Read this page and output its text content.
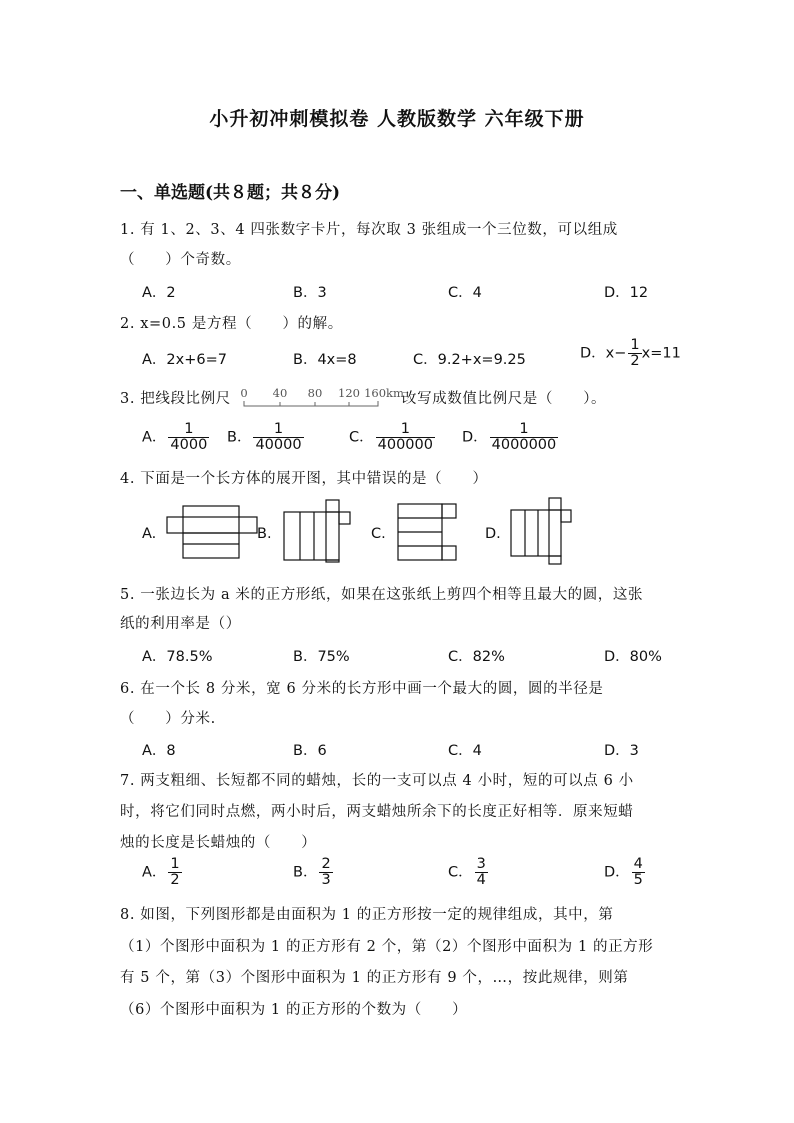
小升初冲刺模拟卷 人教版数学 六年级下册
一、单选题(共８题；共８分)
1. 有 1、2、3、4 四张数字卡片，每次取 3 张组成一个三位数，可以组成
（　　）个奇数。
A．2	B．3	C．4	D．12
2. x=0.5 是方程（　　）的解。
A．2x+6=7	B．4x=8	C．9.2+x=9.25	D．$x- \frac{1}{2} x=11$
3. 把线段比例尺 0 40 80 120 160km
改写成数值比例尺是（　　）。
A． $\frac{1}{4000}$ B． $\frac{1}{40000}$	C． $\frac{1}{400000}$ D． $\frac{1}{4000000}$
4. 下面是一个长方体的展开图，其中错误的是（　　）
A.	B.	C.	D.
5. 一张边长为 a 米的正方形纸，如果在这张纸上剪四个相等且最大的圆，这张
纸的利用率是（）
A．78.5%	B．75%	C．82%	D．80%
6. 在一个长 8 分米，宽 6 分米的长方形中画一个最大的圆，圆的半径是
（　　）分米.
A．8	B．6	C．4	D．3
7. 两支粗细、长短都不同的蜡烛，长的一支可以点 4 小时，短的可以点 6 小
时，将它们同时点燃，两小时后，两支蜡烛所余下的长度正好相等．原来短蜡
烛的长度是长蜡烛的（　　）
A． $\frac{1}{2}$	B． $\frac{2}{3}$	C． $\frac{3}{4}$	D． $\frac{4}{5}$
8. 如图，下列图形都是由面积为 1 的正方形按一定的规律组成，其中，第
（1）个图形中面积为 1 的正方形有 2 个，第（2）个图形中面积为 1 的正方形
有 5 个，第（3）个图形中面积为 1 的正方形有 9 个，…，按此规律，则第
（6）个图形中面积为 1 的正方形的个数为（　　）
